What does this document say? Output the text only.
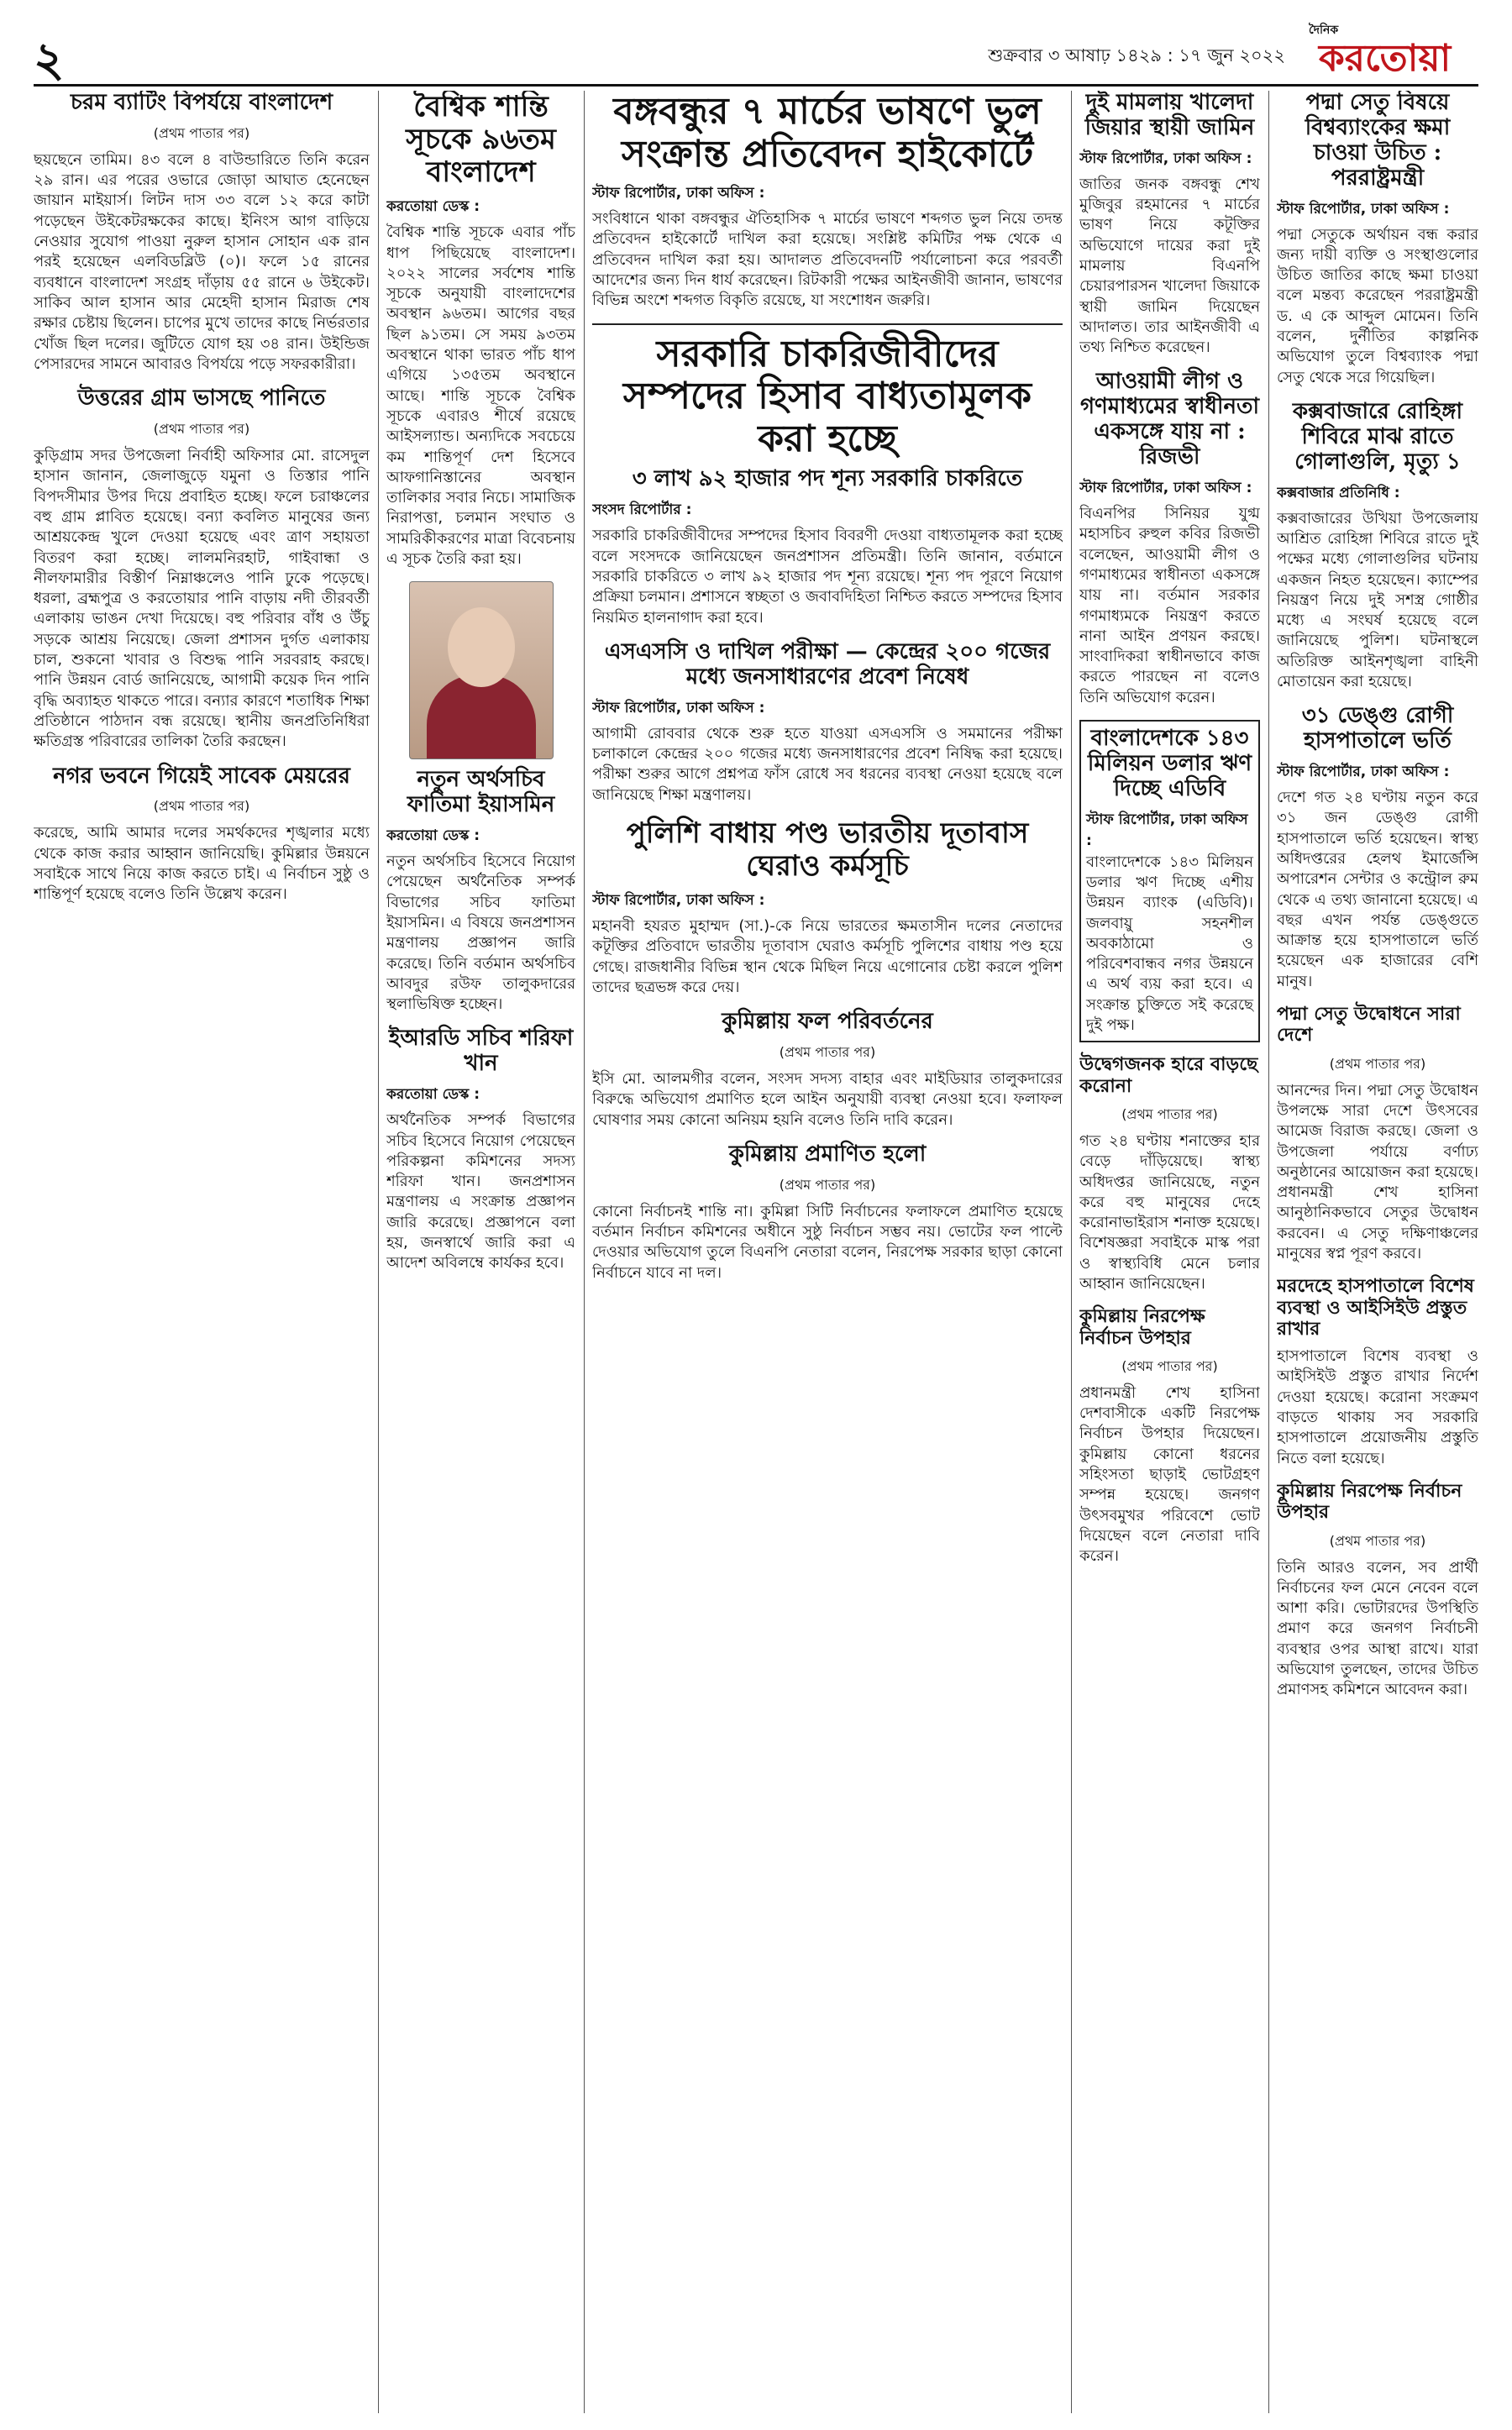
২	শুক্রবার ৩ আষাঢ় ১৪২৯ : ১৭ জুন ২০২২
দৈনিক
করতোয়া
চরম ব্যাটিং বিপর্যয়ে বাংলাদেশ
(প্রথম পাতার পর)

ছয়ছেনে তামিম। ৪৩ বলে ৪ বাউন্ডারিতে তিনি করেন ২৯ রান। এর পরের ওভারে জোড়া আঘাত হেনেছেন জায়ান মাইয়ার্স। লিটন দাস ৩৩ বলে ১২ করে কাটা পড়েছেন উইকেটরক্ষকের কাছে। ইনিংস আগ বাড়িয়ে নেওয়ার সুযোগ পাওয়া নুরুল হাসান সোহান এক রান পরই হয়েছেন এলবিডব্লিউ (০)। ফলে ১৫ রানের ব্যবধানে বাংলাদেশ সংগ্রহ দাঁড়ায় ৫৫ রানে ৬ উইকেট। সাকিব আল হাসান আর মেহেদী হাসান মিরাজ শেষ রক্ষার চেষ্টায় ছিলেন। চাপের মুখে তাদের কাছে নির্ভরতার খোঁজ ছিল দলের। জুটিতে যোগ হয় ৩৪ রান। উইন্ডিজ পেসারদের সামনে আবারও বিপর্যয়ে পড়ে সফরকারীরা।

উত্তরের গ্রাম ভাসছে পানিতে
(প্রথম পাতার পর)

কুড়িগ্রাম সদর উপজেলা নির্বাহী অফিসার মো. রাসেদুল হাসান জানান, জেলাজুড়ে যমুনা ও তিস্তার পানি বিপদসীমার উপর দিয়ে প্রবাহিত হচ্ছে। ফলে চরাঞ্চলের বহু গ্রাম প্লাবিত হয়েছে। বন্যা কবলিত মানুষের জন্য আশ্রয়কেন্দ্র খুলে দেওয়া হয়েছে এবং ত্রাণ সহায়তা বিতরণ করা হচ্ছে। লালমনিরহাট, গাইবান্ধা ও নীলফামারীর বিস্তীর্ণ নিম্নাঞ্চলেও পানি ঢুকে পড়েছে। ধরলা, ব্রহ্মপুত্র ও করতোয়ার পানি বাড়ায় নদী তীরবর্তী এলাকায় ভাঙন দেখা দিয়েছে। বহু পরিবার বাঁধ ও উঁচু সড়কে আশ্রয় নিয়েছে। জেলা প্রশাসন দুর্গত এলাকায় চাল, শুকনো খাবার ও বিশুদ্ধ পানি সরবরাহ করছে। পানি উন্নয়ন বোর্ড জানিয়েছে, আগামী কয়েক দিন পানি বৃদ্ধি অব্যাহত থাকতে পারে। বন্যার কারণে শতাধিক শিক্ষা প্রতিষ্ঠানে পাঠদান বন্ধ রয়েছে। স্থানীয় জনপ্রতিনিধিরা ক্ষতিগ্রস্ত পরিবারের তালিকা তৈরি করছেন।

নগর ভবনে গিয়েই সাবেক মেয়রের
(প্রথম পাতার পর)

করেছে, আমি আমার দলের সমর্থকদের শৃঙ্খলার মধ্যে থেকে কাজ করার আহ্বান জানিয়েছি। কুমিল্লার উন্নয়নে সবাইকে সাথে নিয়ে কাজ করতে চাই। এ নির্বাচন সুষ্ঠু ও শান্তিপূর্ণ হয়েছে বলেও তিনি উল্লেখ করেন।

বৈশ্বিক শান্তি সূচকে ৯৬তম বাংলাদেশ
করতোয়া ডেস্ক :

বৈশ্বিক শান্তি সূচকে এবার পাঁচ ধাপ পিছিয়েছে বাংলাদেশ। ২০২২ সালের সর্বশেষ শান্তি সূচকে অনুযায়ী বাংলাদেশের অবস্থান ৯৬তম। আগের বছর ছিল ৯১তম। সে সময় ৯৩তম অবস্থানে থাকা ভারত পাঁচ ধাপ এগিয়ে ১৩৫তম অবস্থানে আছে। শান্তি সূচকে বৈশ্বিক সূচকে এবারও শীর্ষে রয়েছে আইসল্যান্ড। অন্যদিকে সবচেয়ে কম শান্তিপূর্ণ দেশ হিসেবে আফগানিস্তানের অবস্থান তালিকার সবার নিচে। সামাজিক নিরাপত্তা, চলমান সংঘাত ও সামরিকীকরণের মাত্রা বিবেচনায় এ সূচক তৈরি করা হয়।

নতুন অর্থসচিব ফাতিমা ইয়াসমিন
করতোয়া ডেস্ক :

নতুন অর্থসচিব হিসেবে নিয়োগ পেয়েছেন অর্থনৈতিক সম্পর্ক বিভাগের সচিব ফাতিমা ইয়াসমিন। এ বিষয়ে জনপ্রশাসন মন্ত্রণালয় প্রজ্ঞাপন জারি করেছে। তিনি বর্তমান অর্থসচিব আবদুর রউফ তালুকদারের স্থলাভিষিক্ত হচ্ছেন।

ইআরডি সচিব শরিফা খান
করতোয়া ডেস্ক :

অর্থনৈতিক সম্পর্ক বিভাগের সচিব হিসেবে নিয়োগ পেয়েছেন পরিকল্পনা কমিশনের সদস্য শরিফা খান। জনপ্রশাসন মন্ত্রণালয় এ সংক্রান্ত প্রজ্ঞাপন জারি করেছে। প্রজ্ঞাপনে বলা হয়, জনস্বার্থে জারি করা এ আদেশ অবিলম্বে কার্যকর হবে।

বঙ্গবন্ধুর ৭ মার্চের ভাষণে ভুল সংক্রান্ত প্রতিবেদন হাইকোর্টে
স্টাফ রিপোর্টার, ঢাকা অফিস :

সংবিধানে থাকা বঙ্গবন্ধুর ঐতিহাসিক ৭ মার্চের ভাষণে শব্দগত ভুল নিয়ে তদন্ত প্রতিবেদন হাইকোর্টে দাখিল করা হয়েছে। সংশ্লিষ্ট কমিটির পক্ষ থেকে এ প্রতিবেদন দাখিল করা হয়। আদালত প্রতিবেদনটি পর্যালোচনা করে পরবর্তী আদেশের জন্য দিন ধার্য করেছেন। রিটকারী পক্ষের আইনজীবী জানান, ভাষণের বিভিন্ন অংশে শব্দগত বিকৃতি রয়েছে, যা সংশোধন জরুরি।

সরকারি চাকরিজীবীদের সম্পদের হিসাব বাধ্যতামূলক করা হচ্ছে
৩ লাখ ৯২ হাজার পদ শূন্য সরকারি চাকরিতে
সংসদ রিপোর্টার :

সরকারি চাকরিজীবীদের সম্পদের হিসাব বিবরণী দেওয়া বাধ্যতামূলক করা হচ্ছে বলে সংসদকে জানিয়েছেন জনপ্রশাসন প্রতিমন্ত্রী। তিনি জানান, বর্তমানে সরকারি চাকরিতে ৩ লাখ ৯২ হাজার পদ শূন্য রয়েছে। শূন্য পদ পূরণে নিয়োগ প্রক্রিয়া চলমান। প্রশাসনে স্বচ্ছতা ও জবাবদিহিতা নিশ্চিত করতে সম্পদের হিসাব নিয়মিত হালনাগাদ করা হবে।

এসএসসি ও দাখিল পরীক্ষা — কেন্দ্রের ২০০ গজের মধ্যে জনসাধারণের প্রবেশ নিষেধ
স্টাফ রিপোর্টার, ঢাকা অফিস :

আগামী রোববার থেকে শুরু হতে যাওয়া এসএসসি ও সমমানের পরীক্ষা চলাকালে কেন্দ্রের ২০০ গজের মধ্যে জনসাধারণের প্রবেশ নিষিদ্ধ করা হয়েছে। পরীক্ষা শুরুর আগে প্রশ্নপত্র ফাঁস রোধে সব ধরনের ব্যবস্থা নেওয়া হয়েছে বলে জানিয়েছে শিক্ষা মন্ত্রণালয়।

পুলিশি বাধায় পণ্ড ভারতীয় দূতাবাস ঘেরাও কর্মসূচি
স্টাফ রিপোর্টার, ঢাকা অফিস :

মহানবী হযরত মুহাম্মদ (সা.)-কে নিয়ে ভারতের ক্ষমতাসীন দলের নেতাদের কটূক্তির প্রতিবাদে ভারতীয় দূতাবাস ঘেরাও কর্মসূচি পুলিশের বাধায় পণ্ড হয়ে গেছে। রাজধানীর বিভিন্ন স্থান থেকে মিছিল নিয়ে এগোনোর চেষ্টা করলে পুলিশ তাদের ছত্রভঙ্গ করে দেয়।

কুমিল্লায় ফল পরিবর্তনের
(প্রথম পাতার পর)

ইসি মো. আলমগীর বলেন, সংসদ সদস্য বাহার এবং মাইডিয়ার তালুকদারের বিরুদ্ধে অভিযোগ প্রমাণিত হলে আইন অনুযায়ী ব্যবস্থা নেওয়া হবে। ফলাফল ঘোষণার সময় কোনো অনিয়ম হয়নি বলেও তিনি দাবি করেন।

কুমিল্লায় প্রমাণিত হলো
(প্রথম পাতার পর)

কোনো নির্বাচনই শান্তি না। কুমিল্লা সিটি নির্বাচনের ফলাফলে প্রমাণিত হয়েছে বর্তমান নির্বাচন কমিশনের অধীনে সুষ্ঠু নির্বাচন সম্ভব নয়। ভোটের ফল পাল্টে দেওয়ার অভিযোগ তুলে বিএনপি নেতারা বলেন, নিরপেক্ষ সরকার ছাড়া কোনো নির্বাচনে যাবে না দল।

দুই মামলায় খালেদা জিয়ার স্থায়ী জামিন
স্টাফ রিপোর্টার, ঢাকা অফিস :

জাতির জনক বঙ্গবন্ধু শেখ মুজিবুর রহমানের ৭ মার্চের ভাষণ নিয়ে কটূক্তির অভিযোগে দায়ের করা দুই মামলায় বিএনপি চেয়ারপারসন খালেদা জিয়াকে স্থায়ী জামিন দিয়েছেন আদালত। তার আইনজীবী এ তথ্য নিশ্চিত করেছেন।

আওয়ামী লীগ ও গণমাধ্যমের স্বাধীনতা একসঙ্গে যায় না : রিজভী
স্টাফ রিপোর্টার, ঢাকা অফিস :

বিএনপির সিনিয়র যুগ্ম মহাসচিব রুহুল কবির রিজভী বলেছেন, আওয়ামী লীগ ও গণমাধ্যমের স্বাধীনতা একসঙ্গে যায় না। বর্তমান সরকার গণমাধ্যমকে নিয়ন্ত্রণ করতে নানা আইন প্রণয়ন করছে। সাংবাদিকরা স্বাধীনভাবে কাজ করতে পারছেন না বলেও তিনি অভিযোগ করেন।

বাংলাদেশকে ১৪৩ মিলিয়ন ডলার ঋণ দিচ্ছে এডিবি
স্টাফ রিপোর্টার, ঢাকা অফিস :

বাংলাদেশকে ১৪৩ মিলিয়ন ডলার ঋণ দিচ্ছে এশীয় উন্নয়ন ব্যাংক (এডিবি)। জলবায়ু সহনশীল অবকাঠামো ও পরিবেশবান্ধব নগর উন্নয়নে এ অর্থ ব্যয় করা হবে। এ সংক্রান্ত চুক্তিতে সই করেছে দুই পক্ষ।

উদ্বেগজনক হারে বাড়ছে করোনা
(প্রথম পাতার পর)

গত ২৪ ঘণ্টায় শনাক্তের হার বেড়ে দাঁড়িয়েছে। স্বাস্থ্য অধিদপ্তর জানিয়েছে, নতুন করে বহু মানুষের দেহে করোনাভাইরাস শনাক্ত হয়েছে। বিশেষজ্ঞরা সবাইকে মাস্ক পরা ও স্বাস্থ্যবিধি মেনে চলার আহ্বান জানিয়েছেন।

কুমিল্লায় নিরপেক্ষ নির্বাচন উপহার
(প্রথম পাতার পর)

প্রধানমন্ত্রী শেখ হাসিনা দেশবাসীকে একটি নিরপেক্ষ নির্বাচন উপহার দিয়েছেন। কুমিল্লায় কোনো ধরনের সহিংসতা ছাড়াই ভোটগ্রহণ সম্পন্ন হয়েছে। জনগণ উৎসবমুখর পরিবেশে ভোট দিয়েছেন বলে নেতারা দাবি করেন।

পদ্মা সেতু বিষয়ে বিশ্বব্যাংকের ক্ষমা চাওয়া উচিত : পররাষ্ট্রমন্ত্রী
স্টাফ রিপোর্টার, ঢাকা অফিস :

পদ্মা সেতুকে অর্থায়ন বন্ধ করার জন্য দায়ী ব্যক্তি ও সংস্থাগুলোর উচিত জাতির কাছে ক্ষমা চাওয়া বলে মন্তব্য করেছেন পররাষ্ট্রমন্ত্রী ড. এ কে আব্দুল মোমেন। তিনি বলেন, দুর্নীতির কাল্পনিক অভিযোগ তুলে বিশ্বব্যাংক পদ্মা সেতু থেকে সরে গিয়েছিল।

কক্সবাজারে রোহিঙ্গা শিবিরে মাঝ রাতে গোলাগুলি, মৃত্যু ১
কক্সবাজার প্রতিনিধি :

কক্সবাজারের উখিয়া উপজেলায় আশ্রিত রোহিঙ্গা শিবিরে রাতে দুই পক্ষের মধ্যে গোলাগুলির ঘটনায় একজন নিহত হয়েছেন। ক্যাম্পের নিয়ন্ত্রণ নিয়ে দুই সশস্ত্র গোষ্ঠীর মধ্যে এ সংঘর্ষ হয়েছে বলে জানিয়েছে পুলিশ। ঘটনাস্থলে অতিরিক্ত আইনশৃঙ্খলা বাহিনী মোতায়েন করা হয়েছে।

৩১ ডেঙ্গু রোগী হাসপাতালে ভর্তি
স্টাফ রিপোর্টার, ঢাকা অফিস :

দেশে গত ২৪ ঘণ্টায় নতুন করে ৩১ জন ডেঙ্গু রোগী হাসপাতালে ভর্তি হয়েছেন। স্বাস্থ্য অধিদপ্তরের হেলথ ইমার্জেন্সি অপারেশন সেন্টার ও কন্ট্রোল রুম থেকে এ তথ্য জানানো হয়েছে। এ বছর এখন পর্যন্ত ডেঙ্গুতে আক্রান্ত হয়ে হাসপাতালে ভর্তি হয়েছেন এক হাজারের বেশি মানুষ।

পদ্মা সেতু উদ্বোধনে সারা দেশে
(প্রথম পাতার পর)

আনন্দের দিন। পদ্মা সেতু উদ্বোধন উপলক্ষে সারা দেশে উৎসবের আমেজ বিরাজ করছে। জেলা ও উপজেলা পর্যায়ে বর্ণাঢ্য অনুষ্ঠানের আয়োজন করা হয়েছে। প্রধানমন্ত্রী শেখ হাসিনা আনুষ্ঠানিকভাবে সেতুর উদ্বোধন করবেন। এ সেতু দক্ষিণাঞ্চলের মানুষের স্বপ্ন পূরণ করবে।

মরদেহে হাসপাতালে বিশেষ ব্যবস্থা ও আইসিইউ প্রস্তুত রাখার

হাসপাতালে বিশেষ ব্যবস্থা ও আইসিইউ প্রস্তুত রাখার নির্দেশ দেওয়া হয়েছে। করোনা সংক্রমণ বাড়তে থাকায় সব সরকারি হাসপাতালে প্রয়োজনীয় প্রস্তুতি নিতে বলা হয়েছে।

কুমিল্লায় নিরপেক্ষ নির্বাচন উপহার
(প্রথম পাতার পর)

তিনি আরও বলেন, সব প্রার্থী নির্বাচনের ফল মেনে নেবেন বলে আশা করি। ভোটারদের উপস্থিতি প্রমাণ করে জনগণ নির্বাচনী ব্যবস্থার ওপর আস্থা রাখে। যারা অভিযোগ তুলছেন, তাদের উচিত প্রমাণসহ কমিশনে আবেদন করা।
